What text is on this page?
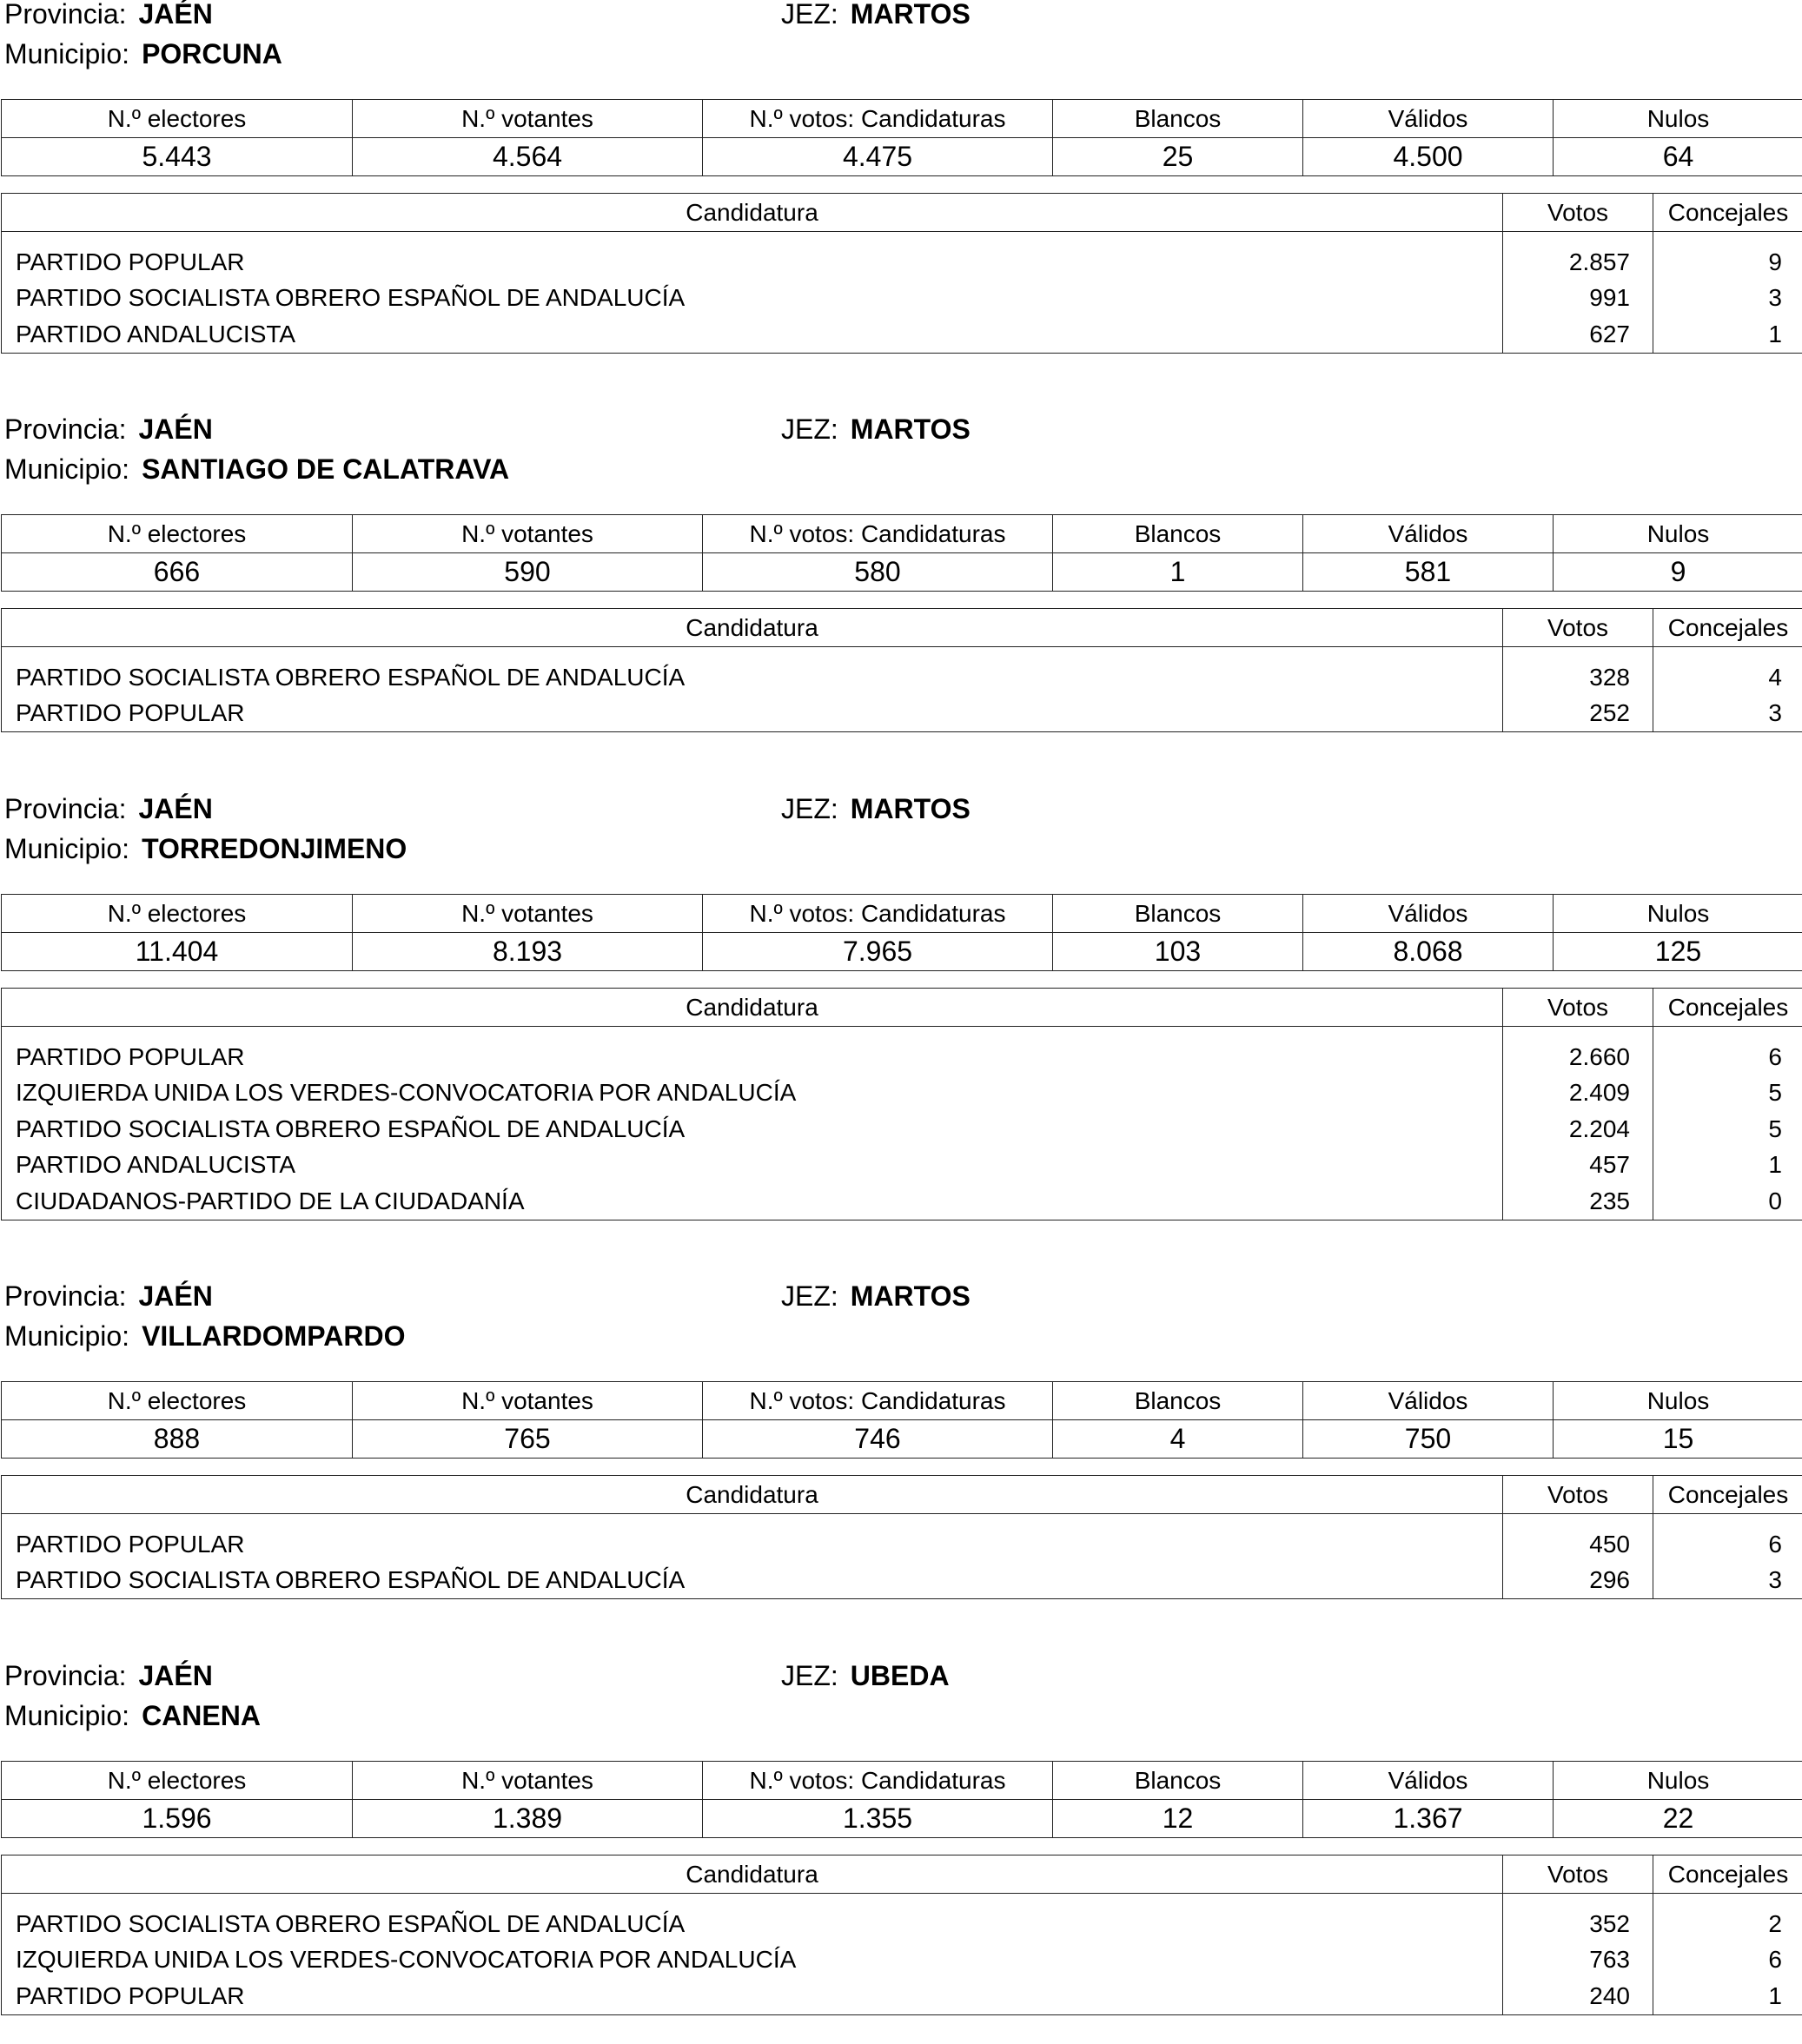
Provincia: JAÉN	JEZ: MARTOS
Municipio: PORCUNA
N.º electores	N.º votantes	N.º votos: Candidaturas	Blancos	Válidos	Nulos
5.443	4.564	4.475	25	4.500	64
Candidatura	Votos	Concejales

PARTIDO POPULAR	2.857	9
PARTIDO SOCIALISTA OBRERO ESPAÑOL DE ANDALUCÍA	991	3
PARTIDO ANDALUCISTA	627	1
Provincia: JAÉN	JEZ: MARTOS
Municipio: SANTIAGO DE CALATRAVA
N.º electores	N.º votantes	N.º votos: Candidaturas	Blancos	Válidos	Nulos
666	590	580	1	581	9
Candidatura	Votos	Concejales

PARTIDO SOCIALISTA OBRERO ESPAÑOL DE ANDALUCÍA	328	4
PARTIDO POPULAR	252	3
Provincia: JAÉN	JEZ: MARTOS
Municipio: TORREDONJIMENO
N.º electores	N.º votantes	N.º votos: Candidaturas	Blancos	Válidos	Nulos
11.404	8.193	7.965	103	8.068	125
Candidatura	Votos	Concejales

PARTIDO POPULAR	2.660	6
IZQUIERDA UNIDA LOS VERDES-CONVOCATORIA POR ANDALUCÍA	2.409	5
PARTIDO SOCIALISTA OBRERO ESPAÑOL DE ANDALUCÍA	2.204	5
PARTIDO ANDALUCISTA	457	1
CIUDADANOS-PARTIDO DE LA CIUDADANÍA	235	0
Provincia: JAÉN	JEZ: MARTOS
Municipio: VILLARDOMPARDO
N.º electores	N.º votantes	N.º votos: Candidaturas	Blancos	Válidos	Nulos
888	765	746	4	750	15
Candidatura	Votos	Concejales

PARTIDO POPULAR	450	6
PARTIDO SOCIALISTA OBRERO ESPAÑOL DE ANDALUCÍA	296	3
Provincia: JAÉN	JEZ: UBEDA
Municipio: CANENA
N.º electores	N.º votantes	N.º votos: Candidaturas	Blancos	Válidos	Nulos
1.596	1.389	1.355	12	1.367	22
Candidatura	Votos	Concejales

PARTIDO SOCIALISTA OBRERO ESPAÑOL DE ANDALUCÍA	352	2
IZQUIERDA UNIDA LOS VERDES-CONVOCATORIA POR ANDALUCÍA	763	6
PARTIDO POPULAR	240	1
